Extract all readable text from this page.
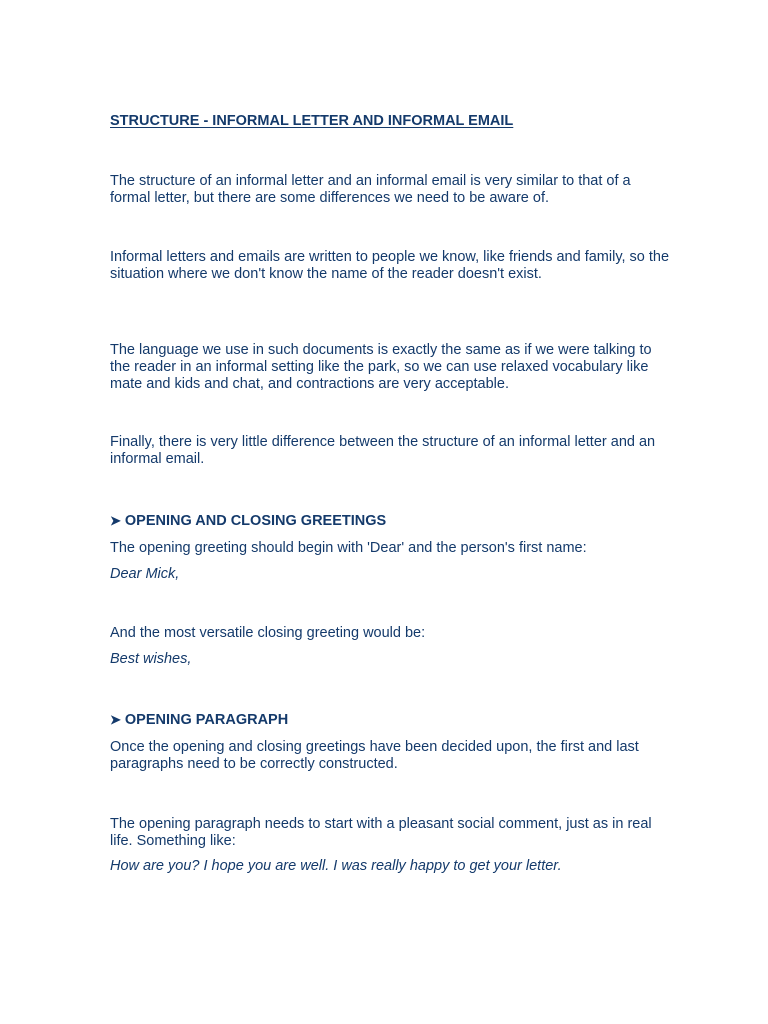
STRUCTURE - INFORMAL LETTER AND INFORMAL EMAIL

The structure of an informal letter and an informal email is very similar to that of a formal letter, but there are some differences we need to be aware of.

Informal letters and emails are written to people we know, like friends and family, so the situation where we don't know the name of the reader doesn't exist.

The language we use in such documents is exactly the same as if we were talking to the reader in an informal setting like the park, so we can use relaxed vocabulary like mate and kids and chat, and contractions are very acceptable.

Finally, there is very little difference between the structure of an informal letter and an informal email.

➤ OPENING AND CLOSING GREETINGS

The opening greeting should begin with 'Dear' and the person's first name:

Dear Mick,

And the most versatile closing greeting would be:

Best wishes,

➤ OPENING PARAGRAPH

Once the opening and closing greetings have been decided upon, the first and last paragraphs need to be correctly constructed.

The opening paragraph needs to start with a pleasant social comment, just as in real life. Something like:

How are you? I hope you are well. I was really happy to get your letter.
